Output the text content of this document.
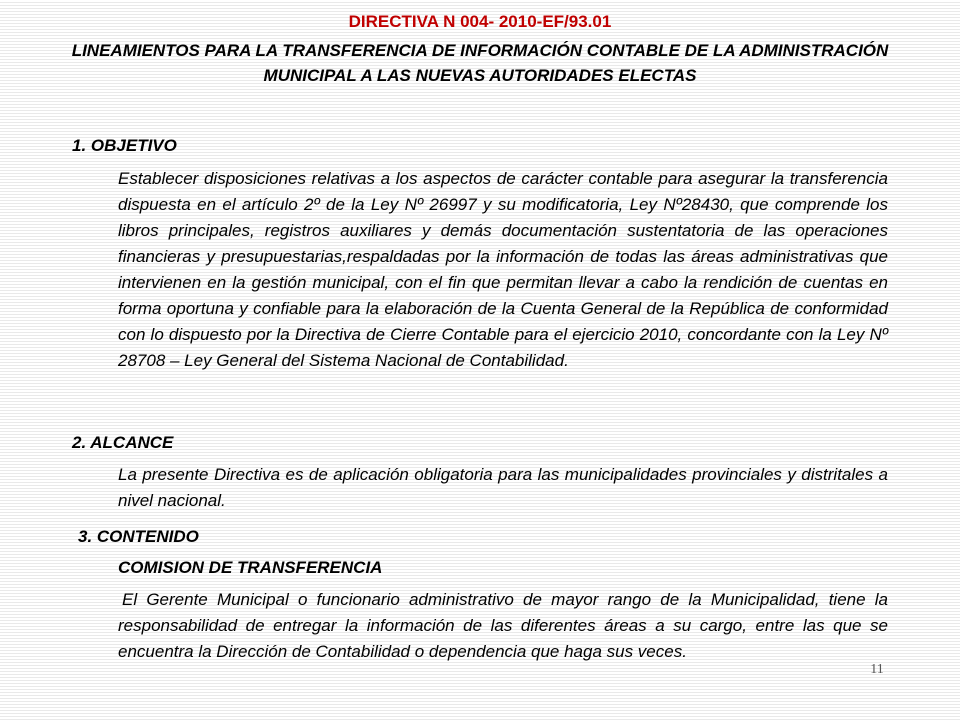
DIRECTIVA N 004- 2010-EF/93.01

LINEAMIENTOS PARA LA TRANSFERENCIA DE INFORMACIÓN CONTABLE DE LA ADMINISTRACIÓN MUNICIPAL A LAS NUEVAS AUTORIDADES ELECTAS

1. OBJETIVO

Establecer disposiciones relativas a los aspectos de carácter contable para asegurar la transferencia dispuesta en el artículo 2º de la Ley Nº 26997 y su modificatoria, Ley Nº28430, que comprende los libros principales, registros auxiliares y demás documentación sustentatoria de las operaciones financieras y presupuestarias,respaldadas por la información de todas las áreas administrativas que intervienen en la gestión municipal, con el fin que permitan llevar a cabo la rendición de cuentas en forma oportuna y confiable para la elaboración de la Cuenta General de la República de conformidad con lo dispuesto por la Directiva de Cierre Contable para el ejercicio 2010, concordante con la Ley Nº 28708 – Ley General del Sistema Nacional de Contabilidad.

2. ALCANCE

La presente Directiva es de aplicación obligatoria para las municipalidades provinciales y distritales a nivel nacional.

3. CONTENIDO

COMISION DE TRANSFERENCIA

El Gerente Municipal o funcionario administrativo de mayor rango de la Municipalidad, tiene la responsabilidad de entregar la información de las diferentes áreas a su cargo, entre las que se encuentra la Dirección de Contabilidad o dependencia que haga sus veces.

11
